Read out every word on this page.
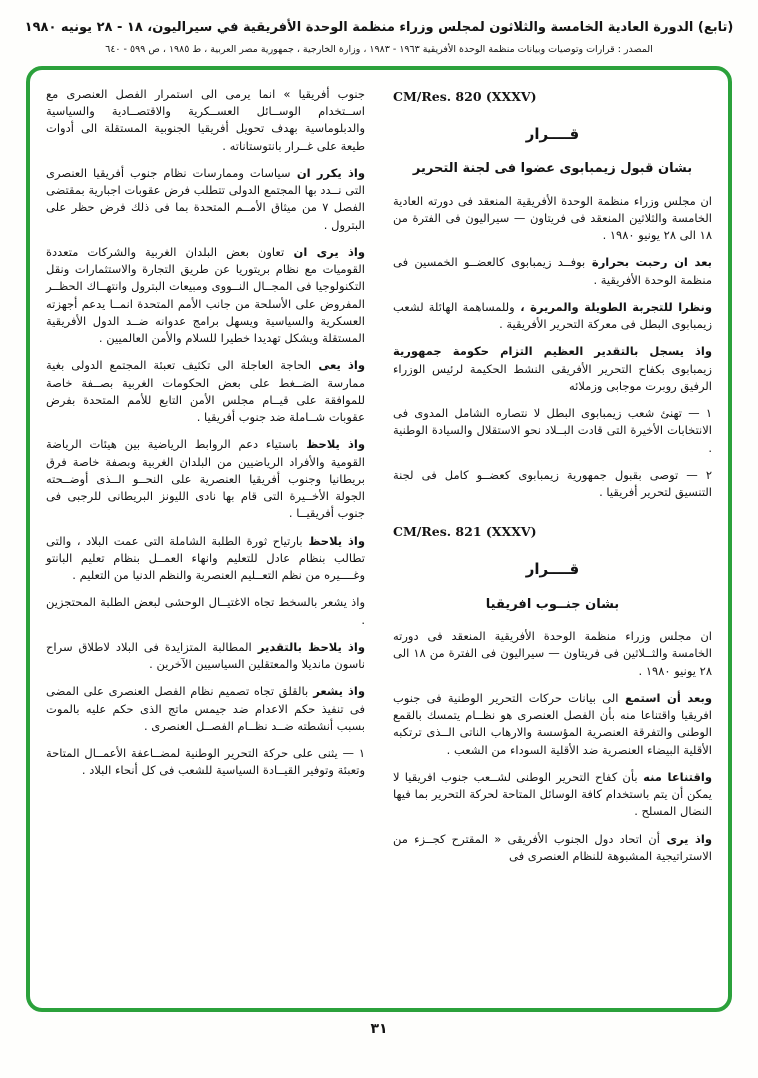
(تابع) الدورة العادية الخامسة والثلاثون لمجلس وزراء منظمة الوحدة الأفريقية في سيراليون، ١٨ - ٢٨ يونيه ١٩٨٠
المصدر : قرارات وتوصيات وبيانات منظمة الوحدة الأفريقية ١٩٦٣ - ١٩٨٣ ، وزارة الخارجية ، جمهورية مصر العربية ، ط ١٩٨٥ ، ص ٥٩٩ - ٦٤٠
CM/Res. 820 (XXXV)
قــــرار
بشان قبول زيمبابوى عضوا فى لجنة التحرير

ان مجلس وزراء منظمة الوحدة الأفريقية المنعقد فى دورته العادية الخامسة والثلاثين المنعقد فى فريتاون — سيراليون فى الفترة من ١٨ الى ٢٨ يونيو ١٩٨٠ .

بعد ان رحبت بحرارة بوفــد زيمبابوى كالعضــو الخمسين فى منظمة الوحدة الأفريقية .

ونظرا للتجربة الطويلة والمريرة ، وللمساهمة الهائلة لشعب زيمبابوى البطل فى معركة التحرير الأفريقية .

واذ يسجل بالتقدير العظيم التزام حكومة جمهورية زيمبابوى بكفاح التحرير الأفريقى النشط الحكيمة لرئيس الوزراء الرفيق روبرت موجابى وزملائه

١ — تهنئ شعب زيمبابوى البطل لا نتصاره الشامل المدوى فى الانتخابات الأخيرة التى قادت البــلاد نحو الاستقلال والسيادة الوطنية .

٢ — توصى بقبول جمهورية زيمبابوى كعضــو كامل فى لجنة التنسيق لتحرير أفريقيا .

CM/Res. 821 (XXXV)
قــــرار
بشان جنــوب افريقيا

ان مجلس وزراء منظمة الوحدة الأفريقية المنعقد فى دورته الخامسة والثــلاثين فى فريتاون — سيراليون فى الفترة من ١٨ الى ٢٨ يونيو ١٩٨٠ .

وبعد أن استمع الى بيانات حركات التحرير الوطنية فى جنوب افريقيا واقتناعا منه بأن الفصل العنصرى هو نظــام يتمسك بالقمع الوطنى والتفرقة العنصرية المؤسسة والارهاب الناتى الــذى ترتكبه الأقلية البيضاء العنصرية ضد الأقلية السوداء من الشعب .

واقتناعا منه بأن كفاح التحرير الوطنى لشــعب جنوب افريقيا لا يمكن أن يتم باستخدام كافة الوسائل المتاحة لحركة التحرير بما فيها النضال المسلح .

واذ يرى أن اتحاد دول الجنوب الأفريقى « المقترح كجــزء من الاستراتيجية المشبوهة للنظام العنصرى فى

جنوب أفريقيا » انما يرمى الى استمرار الفصل العنصرى مع اســتخدام الوســائل العســكرية والاقتصــادية والسياسية والدبلوماسية بهدف تحويل أفريقيا الجنوبية المستقلة الى أدوات طيعة على غــرار بانتوستاناته .

واذ يكرر ان سياسات وممارسات نظام جنوب أفريقيا العنصرى التى نــدد بها المجتمع الدولى تتطلب فرض عقوبات اجبارية بمقتضى الفصل ٧ من ميثاق الأمــم المتحدة بما فى ذلك فرض حظر على البترول .

واذ يرى ان تعاون بعض البلدان الغربية والشركات متعددة القوميات مع نظام بريتوريا عن طريق التجارة والاستثمارات ونقل التكنولوجيا فى المجــال النــووى ومبيعات البترول وانتهــاك الحظــر المفروض على الأسلحة من جانب الأمم المتحدة انمــا يدعم أجهزته العسكرية والسياسية ويسهل برامج عدوانه ضــد الدول الأفريقية المستقلة ويشكل تهديدا خطيرا للسلام والأمن العالميين .

واذ يعى الحاجة العاجلة الى تكثيف تعبئة المجتمع الدولى بغية ممارسة الضــغط على بعض الحكومات الغربية بصــفة خاصة للموافقة على قيــام مجلس الأمن التابع للأمم المتحدة بفرض عقوبات شــاملة ضد جنوب أفريقيا .

واذ يلاحظ باستياء دعم الروابط الرياضية بين هيئات الرياضة القومية والأفراد الرياضيين من البلدان الغربية وبصفة خاصة فرق بريطانيا وجنوب أفريقيا العنصرية على النحــو الــذى أوضــحته الجولة الأخــيرة التى قام بها نادى الليونز البريطانى للرجبى فى جنوب أفريقيــا .

واذ يلاحظ بارتياح ثورة الطلبة الشاملة التى عمت البلاد ، والتى تطالب بنظام عادل للتعليم وانهاء العمــل بنظام تعليم البانتو وغــــيره من نظم التعــليم العنصرية والنظم الدنيا من التعليم .

واذ يشعر بالسخط تجاه الاغتيــال الوحشى لبعض الطلبة المحتجزين .

واذ يلاحظ بالتقدير المطالبة المتزايدة فى البلاد لاطلاق سراح ناسون مانديلا والمعتقلين السياسيين الآخرين .

واذ يشعر بالقلق تجاه تصميم نظام الفصل العنصرى على المضى فى تنفيذ حكم الاعدام ضد جيمس ماتج الذى حكم عليه بالموت بسبب أنشطته ضــد نظــام الفصــل العنصرى .

١ — يثنى على حركة التحرير الوطنية لمضــاعفة الأعمــال المتاحة وتعبئة وتوفير القيــادة السياسية للشعب فى كل أنحاء البلاد .

٣١
